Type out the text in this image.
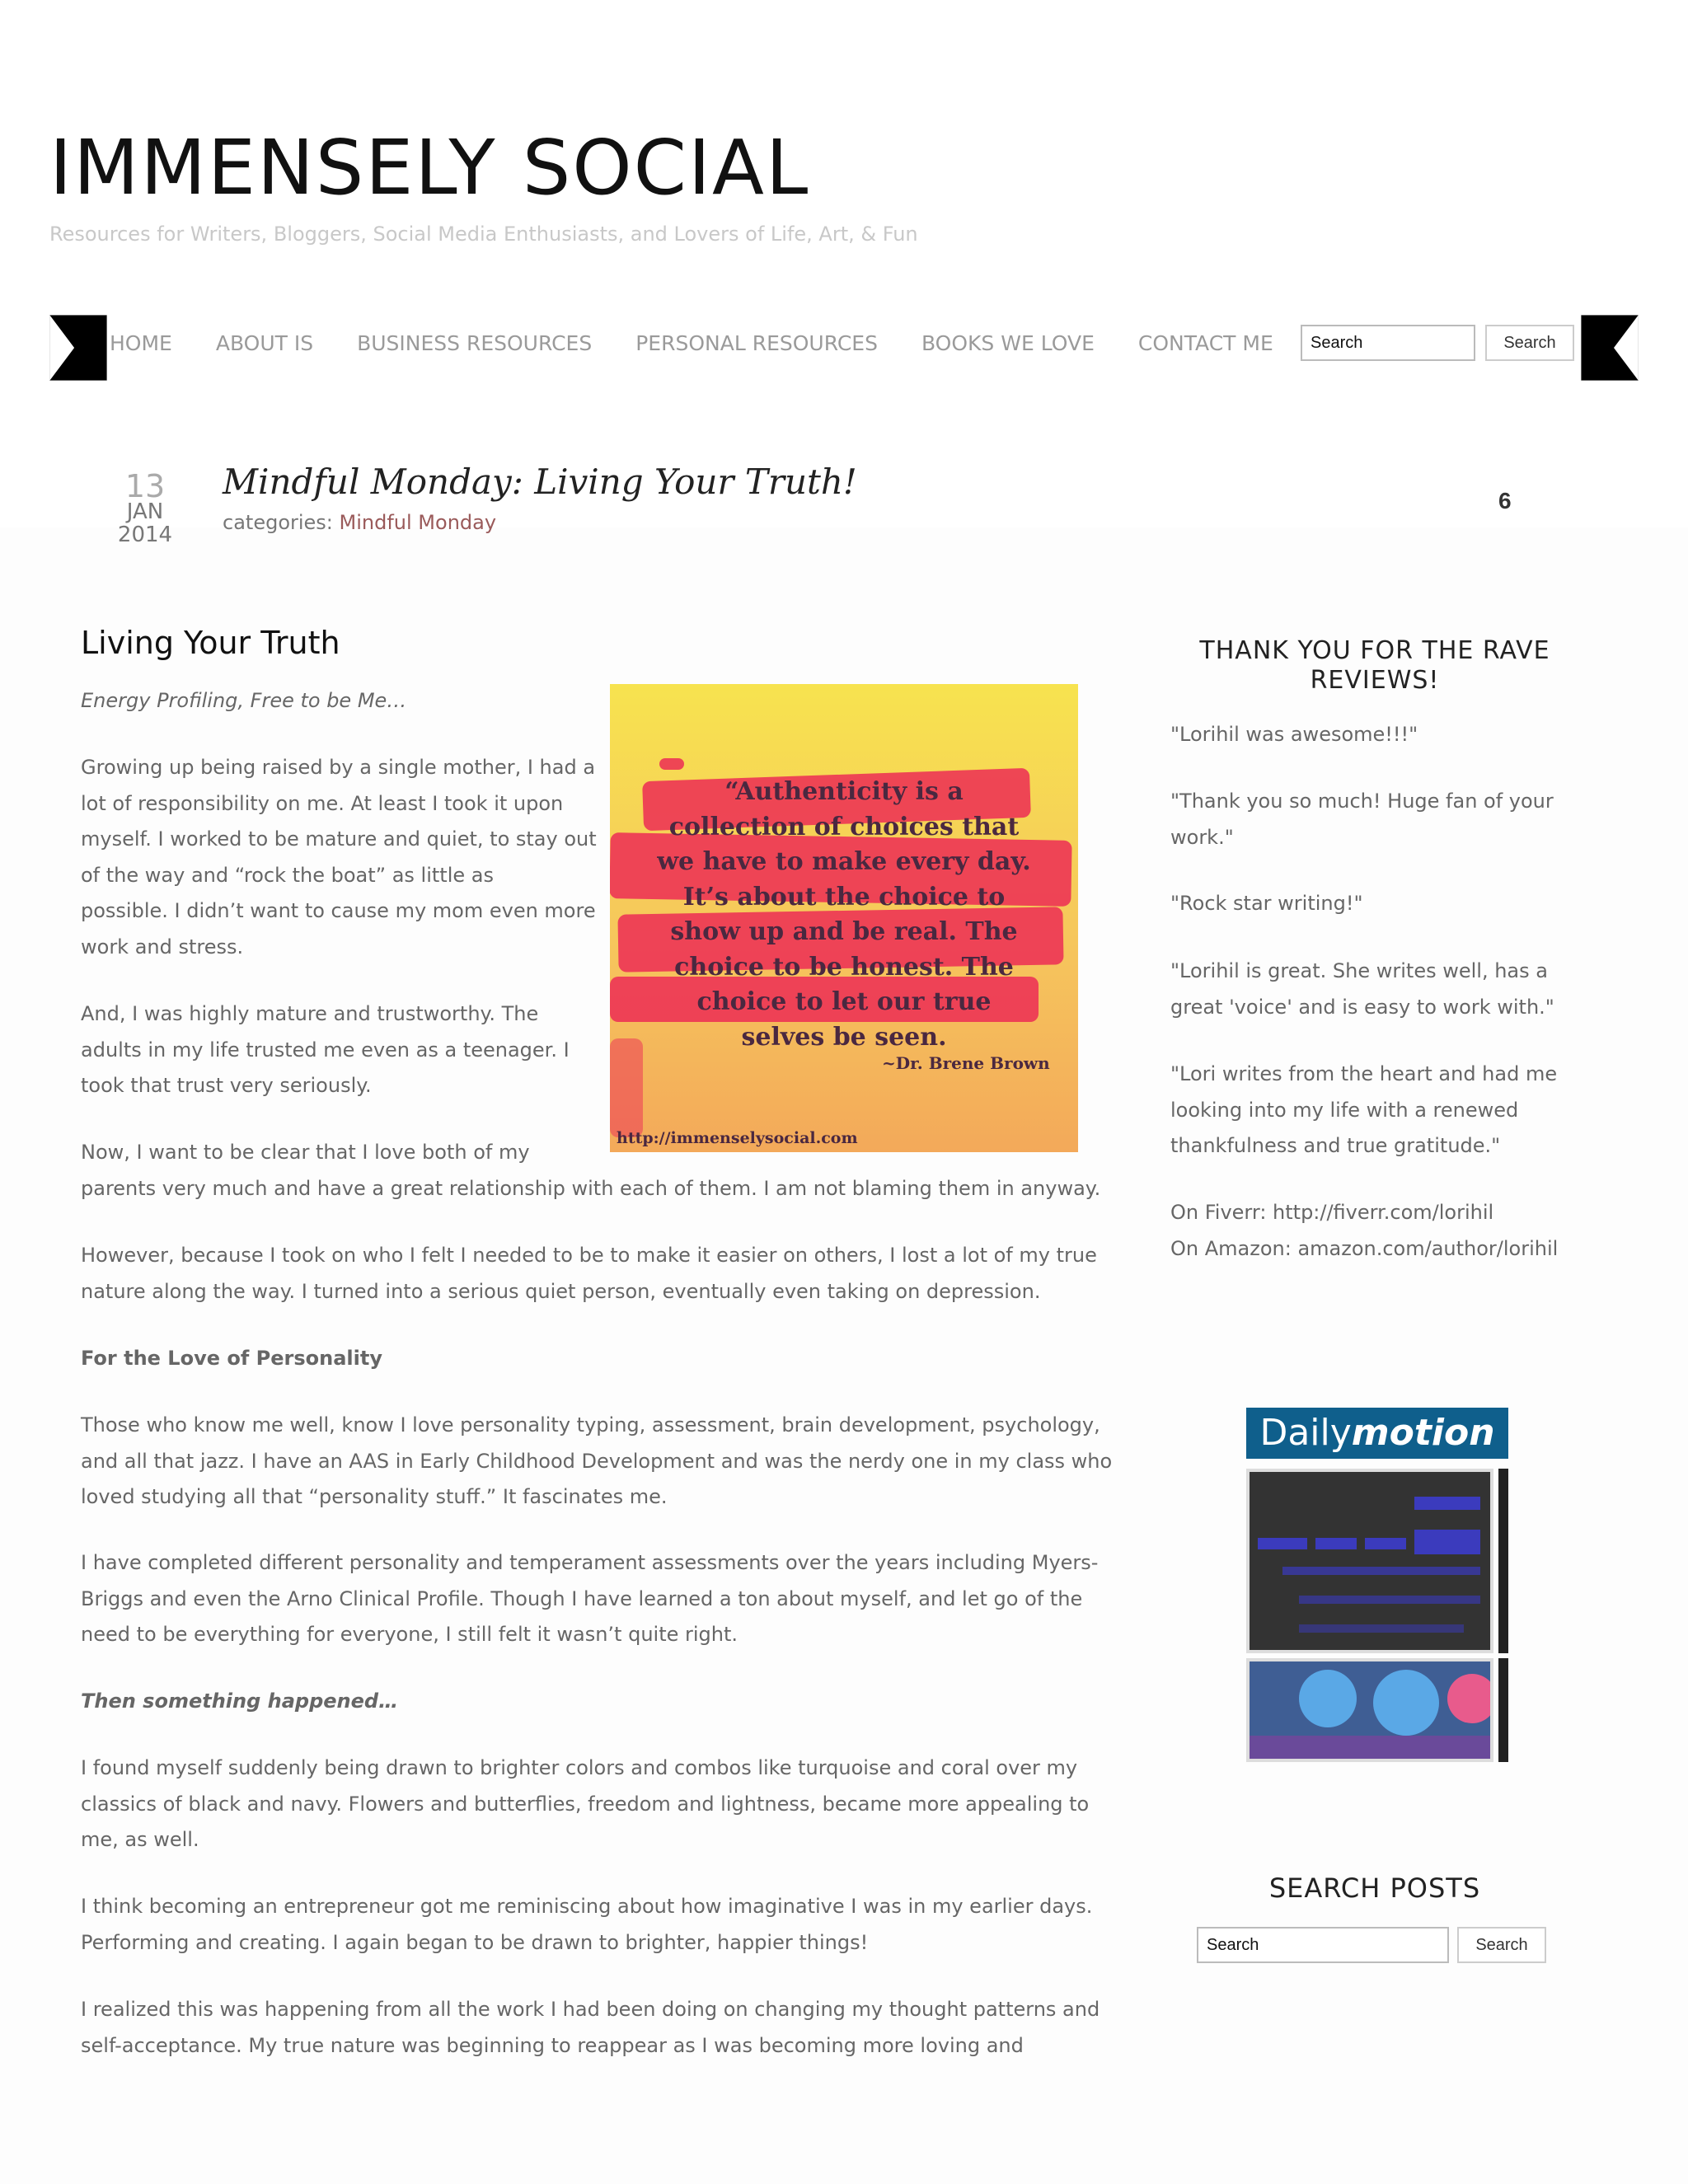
IMMENSELY SOCIAL
Resources for Writers, Bloggers, Social Media Enthusiasts, and Lovers of Life, Art, & Fun
HOME ABOUT IS BUSINESS RESOURCES PERSONAL RESOURCES BOOKS WE LOVE CONTACT ME
Search	Search
13
JAN
2014
Mindful Monday: Living Your Truth!
categories: Mindful Monday
6
Living Your Truth
Energy Profiling, Free to be Me…
Growing up being raised by a single mother, I had a
lot of responsibility on me. At least I took it upon
myself. I worked to be mature and quiet, to stay out
of the way and “rock the boat” as little as
possible. I didn’t want to cause my mom even more
work and stress.
And, I was highly mature and trustworthy. The
adults in my life trusted me even as a teenager. I
took that trust very seriously.
Now, I want to be clear that I love both of my
parents very much and have a great relationship with each of them. I am not blaming them in anyway.
However, because I took on who I felt I needed to be to make it easier on others, I lost a lot of my true
nature along the way. I turned into a serious quiet person, eventually even taking on depression.
For the Love of Personality
Those who know me well, know I love personality typing, assessment, brain development, psychology,
and all that jazz. I have an AAS in Early Childhood Development and was the nerdy one in my class who
loved studying all that “personality stuff.” It fascinates me.
I have completed different personality and temperament assessments over the years including Myers-
Briggs and even the Arno Clinical Profile. Though I have learned a ton about myself, and let go of the
need to be everything for everyone, I still felt it wasn’t quite right.
Then something happened…
I found myself suddenly being drawn to brighter colors and combos like turquoise and coral over my
classics of black and navy. Flowers and butterflies, freedom and lightness, became more appealing to
me, as well.
I think becoming an entrepreneur got me reminiscing about how imaginative I was in my earlier days.
Performing and creating. I again began to be drawn to brighter, happier things!
I realized this was happening from all the work I had been doing on changing my thought patterns and
self-acceptance. My true nature was beginning to reappear as I was becoming more loving and
“Authenticity is a
collection of choices that
we have to make every day.
It’s about the choice to
show up and be real. The
choice to be honest. The
choice to let our true
selves be seen.
~Dr. Brene Brown
http://immenselysocial.com
THANK YOU FOR THE RAVE REVIEWS!
"Lorihil was awesome!!!"
"Thank you so much! Huge fan of your
work."
"Rock star writing!"
"Lorihil is great. She writes well, has a
great 'voice' and is easy to work with."
"Lori writes from the heart and had me
looking into my life with a renewed
thankfulness and true gratitude."
On Fiverr: http://fiverr.com/lorihil
On Amazon: amazon.com/author/lorihil
Dailymotion
SEARCH POSTS
Search
Search
